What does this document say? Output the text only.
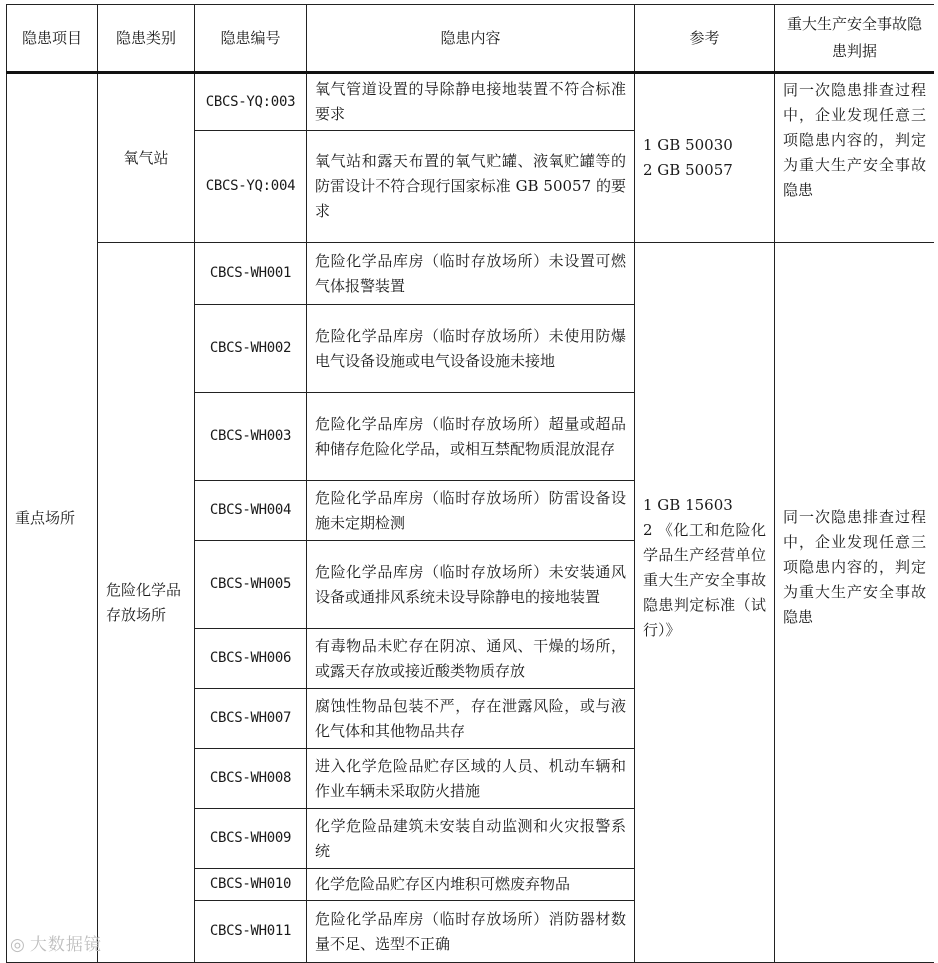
隐患项目	隐患类别	隐患编号	隐患内容	参考	重大生产安全事故隐患判据
重点场所	氧气站	CBCS-YQ:003	氧气管道设置的导除静电接地装置不符合标准要求	1 GB 50030
2 GB 50057	同一次隐患排查过程中，企业发现任意三项隐患内容的，判定为重大生产安全事故隐患
		CBCS-YQ:004	氧气站和露天布置的氧气贮罐、液氧贮罐等的防雷设计不符合现行国家标准 GB 50057 的要求		
	危险化学品存放场所	CBCS-WH001	危险化学品库房（临时存放场所）未设置可燃气体报警装置	1 GB 15603
2 《化工和危险化学品生产经营单位重大生产安全事故隐患判定标准（试行）》	同一次隐患排查过程中，企业发现任意三项隐患内容的，判定为重大生产安全事故隐患
		CBCS-WH002	危险化学品库房（临时存放场所）未使用防爆电气设备设施或电气设备设施未接地		
		CBCS-WH003	危险化学品库房（临时存放场所）超量或超品种储存危险化学品，或相互禁配物质混放混存		
		CBCS-WH004	危险化学品库房（临时存放场所）防雷设备设施未定期检测		
		CBCS-WH005	危险化学品库房（临时存放场所）未安装通风设备或通排风系统未设导除静电的接地装置		
		CBCS-WH006	有毒物品未贮存在阴凉、通风、干燥的场所，或露天存放或接近酸类物质存放		
		CBCS-WH007	腐蚀性物品包装不严，存在泄露风险，或与液化气体和其他物品共存		
		CBCS-WH008	进入化学危险品贮存区域的人员、机动车辆和作业车辆未采取防火措施		
		CBCS-WH009	化学危险品建筑未安装自动监测和火灾报警系统		
		CBCS-WH010	化学危险品贮存区内堆积可燃废弃物品		
		CBCS-WH011	危险化学品库房（临时存放场所）消防器材数量不足、选型不正确		
◎ 大数据镜
